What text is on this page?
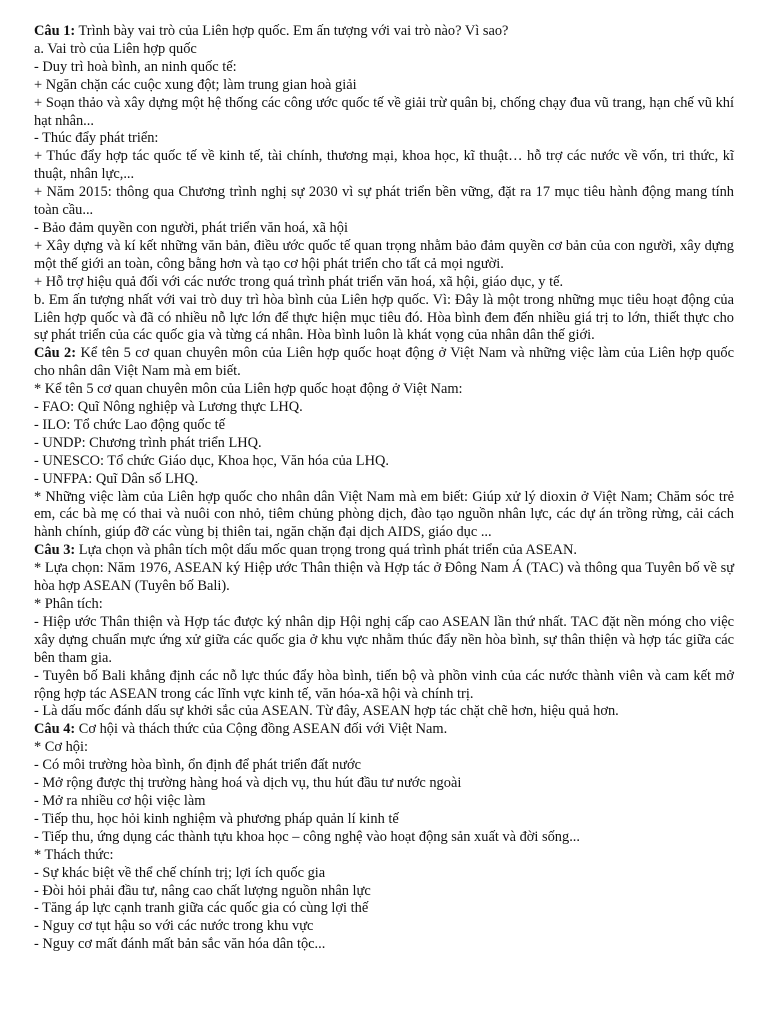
Câu 1: Trình bày vai trò của Liên hợp quốc. Em ấn tượng với vai trò nào? Vì sao?

a. Vai trò của Liên hợp quốc

- Duy trì hoà bình, an ninh quốc tế:

+ Ngăn chặn các cuộc xung đột; làm trung gian hoà giải

+ Soạn thảo và xây dựng một hệ thống các công ước quốc tế về giải trừ quân bị, chống chạy đua vũ trang, hạn chế vũ khí hạt nhân...

- Thúc đẩy phát triển:

+ Thúc đẩy hợp tác quốc tế về kinh tế, tài chính, thương mại, khoa học, kĩ thuật… hỗ trợ các nước về vốn, tri thức, kĩ thuật, nhân lực,...

+ Năm 2015: thông qua Chương trình nghị sự 2030 vì sự phát triển bền vững, đặt ra 17 mục tiêu hành động mang tính toàn cầu...

- Bảo đảm quyền con người, phát triển văn hoá, xã hội

+ Xây dựng và kí kết những văn bản, điều ước quốc tế quan trọng nhằm bảo đảm quyền cơ bản của con người, xây dựng một thế giới an toàn, công bằng hơn và tạo cơ hội phát triển cho tất cả mọi người.

+ Hỗ trợ hiệu quả đối với các nước trong quá trình phát triển văn hoá, xã hội, giáo dục, y tế.

b. Em ấn tượng nhất với vai trò duy trì hòa bình của Liên hợp quốc. Vì: Đây là một trong những mục tiêu hoạt động của Liên hợp quốc và đã có nhiều nỗ lực lớn để thực hiện mục tiêu đó. Hòa bình đem đến nhiều giá trị to lớn, thiết thực cho sự phát triển của các quốc gia và từng cá nhân. Hòa bình luôn là khát vọng của nhân dân thế giới.

Câu 2: Kể tên 5 cơ quan chuyên môn của Liên hợp quốc hoạt động ở Việt Nam và những việc làm của Liên hợp quốc cho nhân dân Việt Nam mà em biết.

* Kể tên 5 cơ quan chuyên môn của Liên hợp quốc hoạt động ở Việt Nam:

- FAO: Quĩ Nông nghiệp và Lương thực LHQ.

- ILO: Tổ chức Lao động quốc tế

- UNDP: Chương trình phát triển LHQ.

- UNESCO: Tổ chức Giáo dục, Khoa học, Văn hóa của LHQ.

- UNFPA: Quĩ Dân số LHQ.

* Những việc làm của Liên hợp quốc cho nhân dân Việt Nam mà em biết: Giúp xử lý dioxin ở Việt Nam; Chăm sóc trẻ em, các bà mẹ có thai và nuôi con nhỏ, tiêm chủng phòng dịch, đào tạo nguồn nhân lực, các dự án trồng rừng, cải cách hành chính, giúp đỡ các vùng bị thiên tai, ngăn chặn đại dịch AIDS, giáo dục ...

Câu 3: Lựa chọn và phân tích một dấu mốc quan trọng trong quá trình phát triển của ASEAN.

* Lựa chọn: Năm 1976, ASEAN ký Hiệp ước Thân thiện và Hợp tác ở Đông Nam Á (TAC) và thông qua Tuyên bố về sự hòa hợp ASEAN (Tuyên bố Bali).

* Phân tích:

- Hiệp ước Thân thiện và Hợp tác được ký nhân dịp Hội nghị cấp cao ASEAN lần thứ nhất. TAC đặt nền móng cho việc xây dựng chuẩn mực ứng xử giữa các quốc gia ở khu vực nhằm thúc đẩy nền hòa bình, sự thân thiện và hợp tác giữa các bên tham gia.

- Tuyên bố Bali khẳng định các nỗ lực thúc đẩy hòa bình, tiến bộ và phồn vinh của các nước thành viên và cam kết mở rộng hợp tác ASEAN trong các lĩnh vực kinh tế, văn hóa-xã hội và chính trị.

- Là dấu mốc đánh dấu sự khởi sắc của ASEAN. Từ đây, ASEAN hợp tác chặt chẽ hơn, hiệu quả hơn.

Câu 4: Cơ hội và thách thức của Cộng đồng ASEAN đối với Việt Nam.

* Cơ hội:

- Có môi trường hòa bình, ổn định để phát triển đất nước

- Mở rộng được thị trường hàng hoá và dịch vụ, thu hút đầu tư nước ngoài

- Mở ra nhiều cơ hội việc làm

- Tiếp thu, học hỏi kinh nghiệm và phương pháp quản lí kinh tế

- Tiếp thu, ứng dụng các thành tựu khoa học – công nghệ vào hoạt động sản xuất và đời sống...

* Thách thức:

- Sự khác biệt về thể chế chính trị; lợi ích quốc gia

- Đòi hỏi phải đầu tư, nâng cao chất lượng nguồn nhân lực

- Tăng áp lực cạnh tranh giữa các quốc gia có cùng lợi thế

- Nguy cơ tụt hậu so với các nước trong khu vực

- Nguy cơ mất đánh mất bản sắc văn hóa dân tộc...
